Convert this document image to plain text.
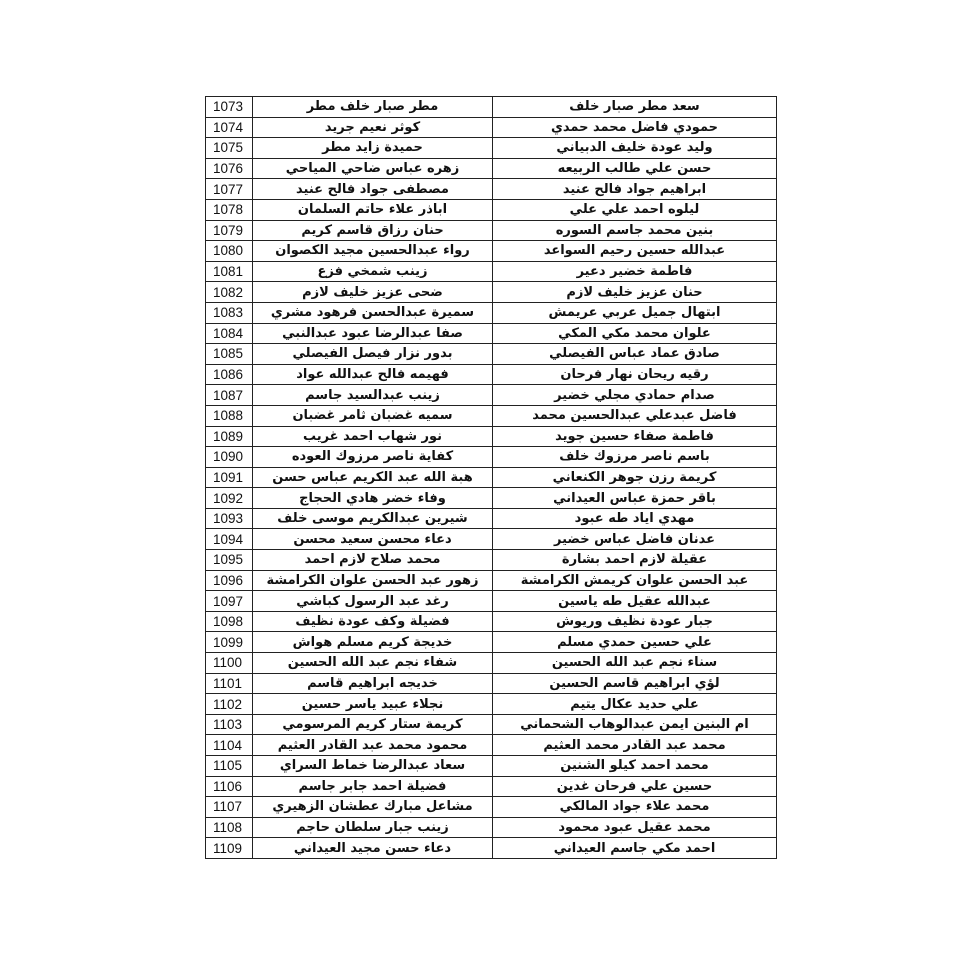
1073	مطر صبار خلف مطر	سعد مطر صبار خلف
1074	كوثر نعيم جريد	حمودي فاضل محمد حمدي
1075	حميدة زايد مطر	وليد عودة خليف الدبياني
1076	زهره عباس ضاحي المياحي	حسن علي طالب الربيعه
1077	مصطفى جواد فالح عنيد	ابراهيم جواد فالح عنيد
1078	اباذر علاء حاتم السلمان	ليلوه احمد علي علي
1079	حنان رزاق قاسم كريم	بنين محمد جاسم السوره
1080	رواء عبدالحسين مجيد الكصوان	عبدالله حسين رحيم السواعد
1081	زينب شمخي فزع	فاطمة خضير دعير
1082	ضحى عزيز خليف لازم	حنان عزيز خليف لازم
1083	سميرة عبدالحسن فرهود مشري	ابتهال جميل عربي عريمش
1084	صفا عبدالرضا عبود عبدالنبي	علوان محمد مكي المكي
1085	بدور نزار فيصل الفيصلي	صادق عماد عباس الفيصلي
1086	فهيمه فالح عبدالله عواد	رقيه ريحان نهار فرحان
1087	زينب عبدالسيد جاسم	صدام حمادي مجلي خضير
1088	سميه غضبان ثامر غضبان	فاضل عبدعلي عبدالحسين محمد
1089	نور شهاب احمد غريب	فاطمة صفاء حسين جويد
1090	كفاية ناصر مرزوك العوده	باسم ناصر مرزوك خلف
1091	هبة الله عبد الكريم عباس حسن	كريمة رزن جوهر الكنعاني
1092	وفاء خضر هادي الحجاج	باقر حمزة عباس العيداني
1093	شيرين عبدالكريم موسى خلف	مهدي اياد طه عبود
1094	دعاء محسن سعيد محسن	عدنان فاضل عباس خضير
1095	محمد صلاح لازم احمد	عقيلة لازم احمد بشارة
1096	زهور عبد الحسن علوان الكرامشة	عبد الحسن علوان كريمش الكرامشة
1097	رغد عبد الرسول كباشي	عبدالله عقيل طه ياسين
1098	فضيلة وكف عودة نظيف	جبار عودة نظيف وريوش
1099	خديجة كريم مسلم هواش	علي حسين حمدي مسلم
1100	شفاء نجم عبد الله الحسين	سناء نجم عبد الله الحسين
1101	خديجه ابراهيم قاسم	لؤي ابراهيم قاسم الحسين
1102	نجلاء عبيد ياسر حسين	علي حديد عكال يتيم
1103	كريمة ستار كريم المرسومي	ام البنين ايمن عبدالوهاب الشحماني
1104	محمود محمد عبد القادر العثيم	محمد عبد القادر محمد العثيم
1105	سعاد عبدالرضا خماط السراي	محمد احمد كيلو الشنين
1106	فضيلة احمد جابر جاسم	حسين علي فرحان غدين
1107	مشاعل مبارك عطشان الزهيري	محمد علاء جواد المالكي
1108	زينب جبار سلطان حاجم	محمد عقيل عبود محمود
1109	دعاء حسن مجيد العيداني	احمد مكي جاسم العيداني
